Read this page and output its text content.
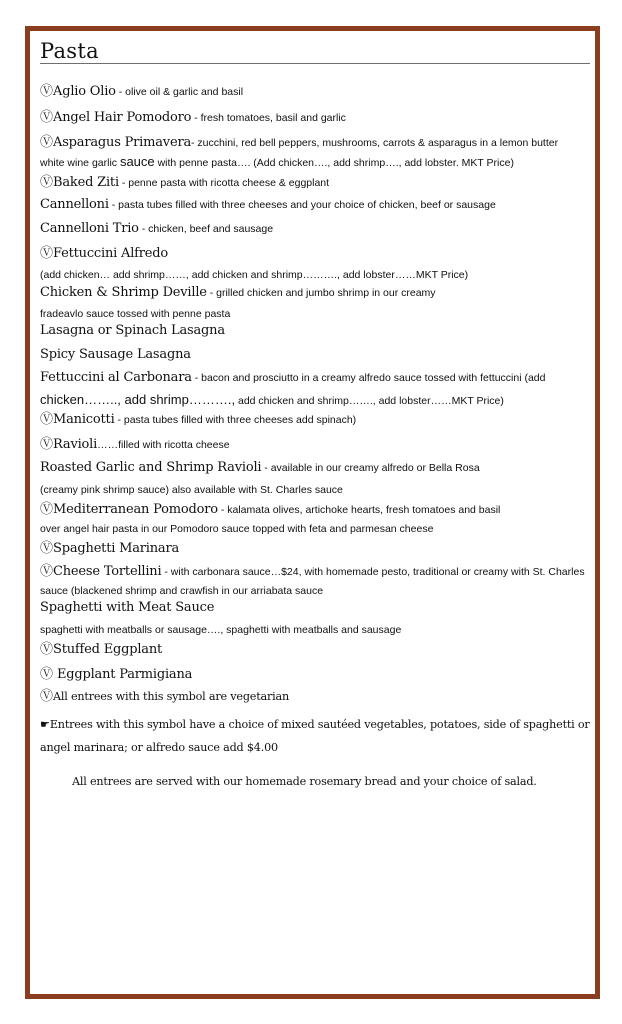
Pasta
ⓋAglio Olio - olive oil & garlic and basil
ⓋAngel Hair Pomodoro - fresh tomatoes, basil and garlic
ⓋAsparagus Primavera- zucchini, red bell peppers, mushrooms, carrots & asparagus in a lemon butter
white wine garlic sauce with penne pasta…. (Add chicken…., add shrimp…., add lobster. MKT Price)
ⓋBaked Ziti - penne pasta with ricotta cheese & eggplant
Cannelloni - pasta tubes filled with three cheeses and your choice of chicken, beef or sausage
Cannelloni Trio - chicken, beef and sausage
ⓋFettuccini Alfredo
(add chicken… add shrimp……, add chicken and shrimp………., add lobster……MKT Price)
Chicken & Shrimp Deville - grilled chicken and jumbo shrimp in our creamy
fradeavlo sauce tossed with penne pasta
Lasagna or Spinach Lasagna
Spicy Sausage Lasagna
Fettuccini al Carbonara - bacon and prosciutto in a creamy alfredo sauce tossed with fettuccini (add
chicken…….., add shrimp………., add chicken and shrimp……., add lobster……MKT Price)
ⓋManicotti - pasta tubes filled with three cheeses add spinach)
ⓋRavioli……filled with ricotta cheese
Roasted Garlic and Shrimp Ravioli - available in our creamy alfredo or Bella Rosa
(creamy pink shrimp sauce) also available with St. Charles sauce
ⓋMediterranean Pomodoro - kalamata olives, artichoke hearts, fresh tomatoes and basil
over angel hair pasta in our Pomodoro sauce topped with feta and parmesan cheese
ⓋSpaghetti Marinara
ⓋCheese Tortellini - with carbonara sauce…$24, with homemade pesto, traditional or creamy with St. Charles
sauce (blackened shrimp and crawfish in our arriabata sauce
Spaghetti with Meat Sauce
spaghetti with meatballs or sausage…., spaghetti with meatballs and sausage
ⓋStuffed Eggplant
Ⓥ Eggplant Parmigiana
ⓋAll entrees with this symbol are vegetarian
☛Entrees with this symbol have a choice of mixed sautéed vegetables, potatoes, side of spaghetti or
angel marinara; or alfredo sauce add $4.00
All entrees are served with our homemade rosemary bread and your choice of salad.
